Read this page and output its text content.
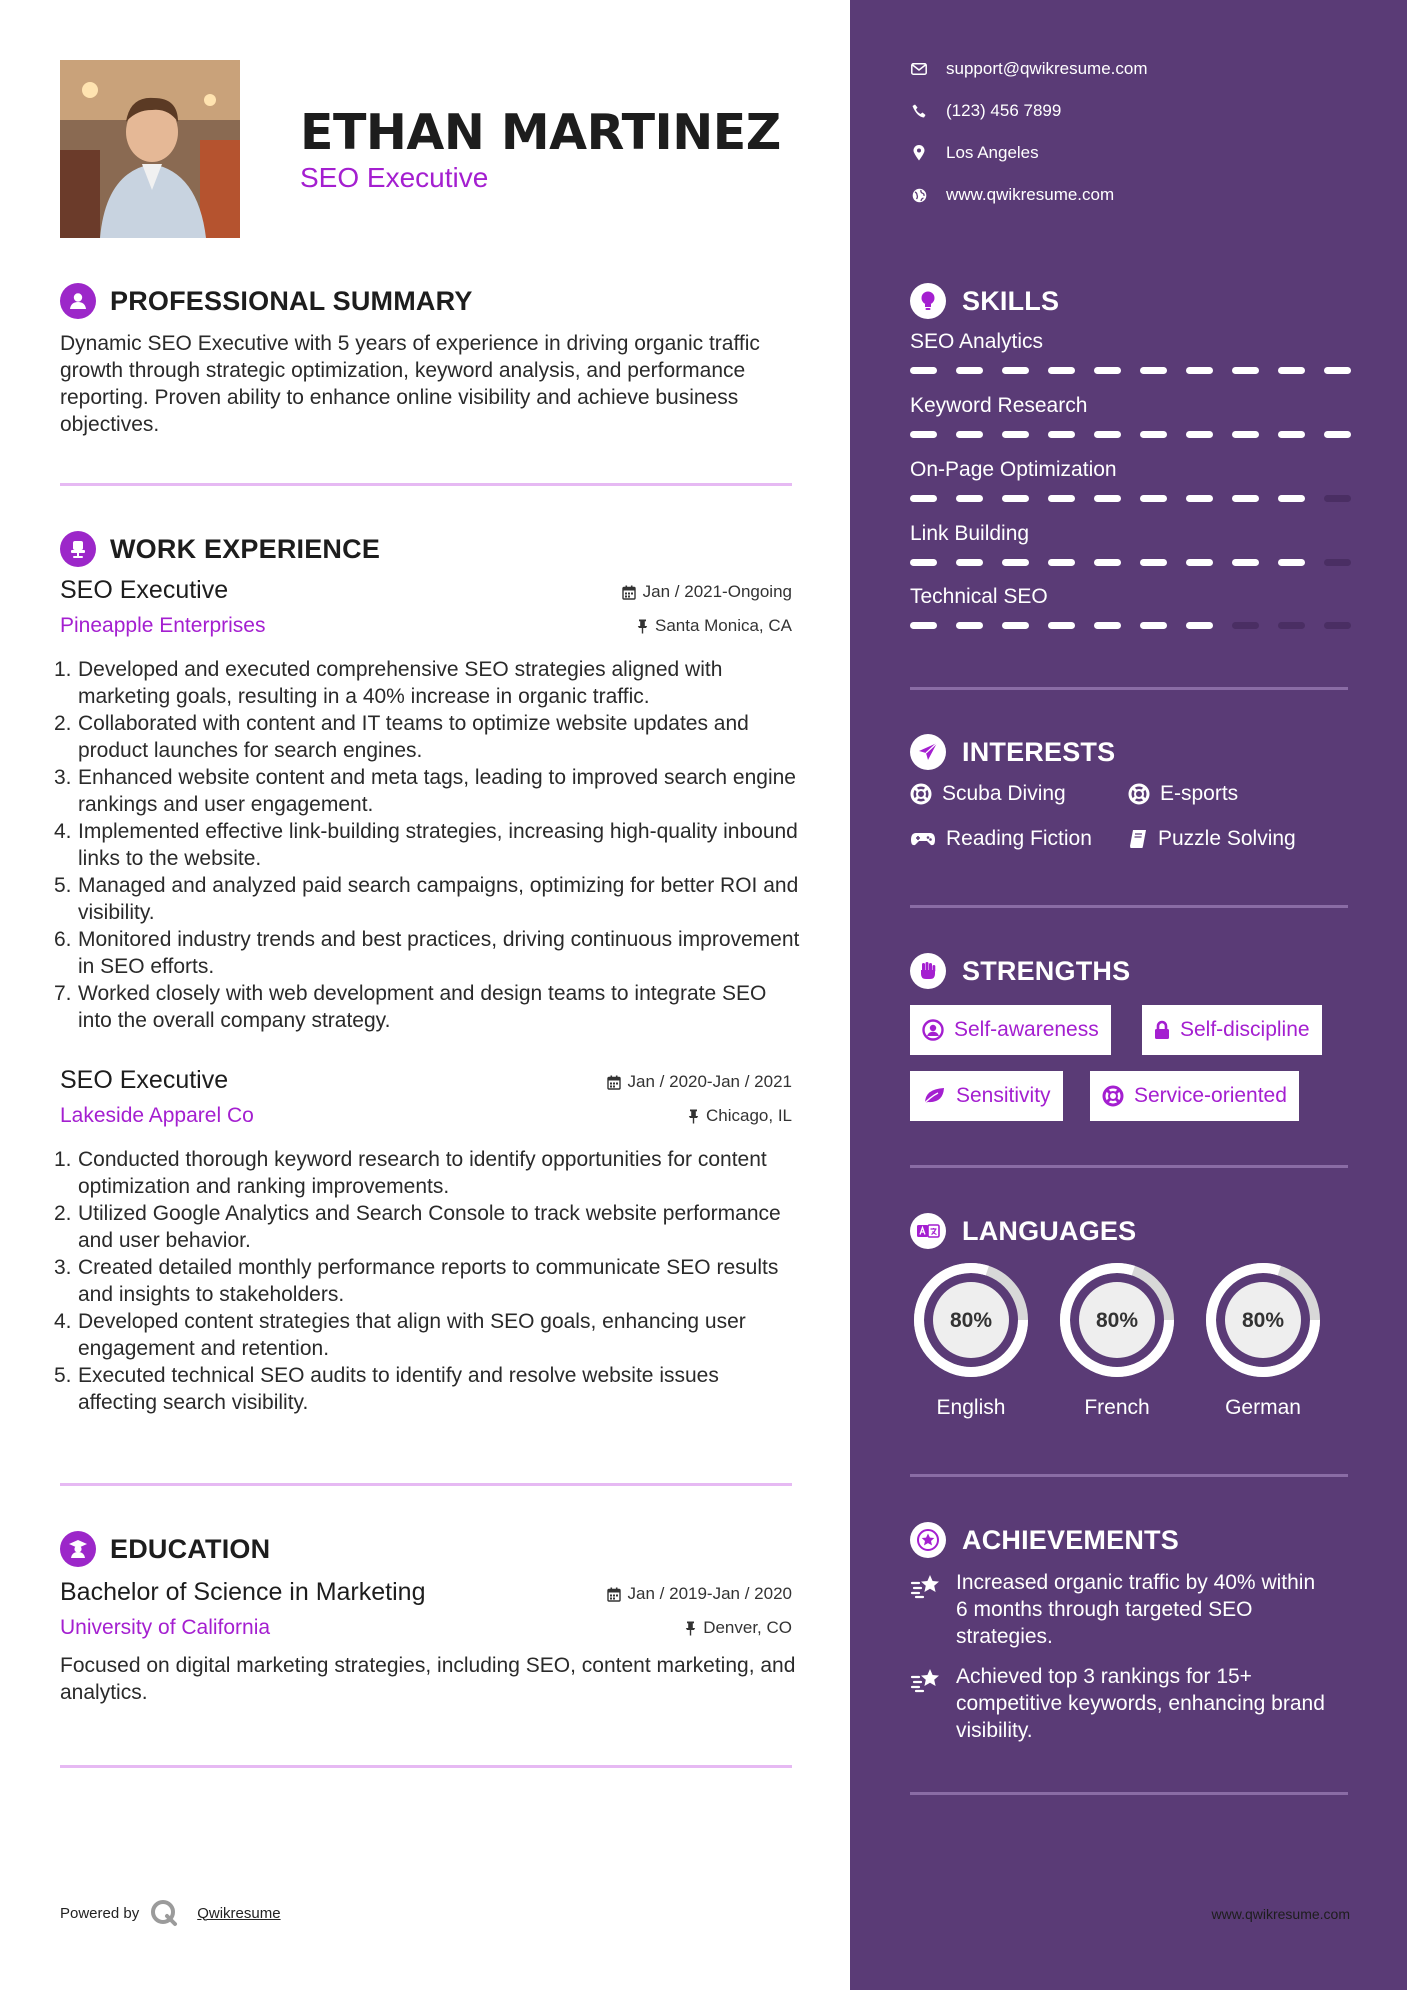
ETHAN MARTINEZ
SEO Executive
PROFESSIONAL SUMMARY
Dynamic SEO Executive with 5 years of experience in driving organic traffic growth through strategic optimization, keyword analysis, and performance reporting. Proven ability to enhance online visibility and achieve business objectives.
WORK EXPERIENCE
SEO Executive	Jan / 2021-Ongoing
Pineapple Enterprises	Santa Monica, CA
1. Developed and executed comprehensive SEO strategies aligned with marketing goals, resulting in a 40% increase in organic traffic.
2. Collaborated with content and IT teams to optimize website updates and product launches for search engines.
3. Enhanced website content and meta tags, leading to improved search engine rankings and user engagement.
4. Implemented effective link-building strategies, increasing high-quality inbound links to the website.
5. Managed and analyzed paid search campaigns, optimizing for better ROI and visibility.
6. Monitored industry trends and best practices, driving continuous improvement in SEO efforts.
7. Worked closely with web development and design teams to integrate SEO into the overall company strategy.
SEO Executive	Jan / 2020-Jan / 2021
Lakeside Apparel Co	Chicago, IL
1. Conducted thorough keyword research to identify opportunities for content optimization and ranking improvements.
2. Utilized Google Analytics and Search Console to track website performance and user behavior.
3. Created detailed monthly performance reports to communicate SEO results and insights to stakeholders.
4. Developed content strategies that align with SEO goals, enhancing user engagement and retention.
5. Executed technical SEO audits to identify and resolve website issues affecting search visibility.
EDUCATION
Bachelor of Science in Marketing	Jan / 2019-Jan / 2020
University of California	Denver, CO
Focused on digital marketing strategies, including SEO, content marketing, and analytics.
Powered by	Qwikresume
support@qwikresume.com
(123) 456 7899
Los Angeles
www.qwikresume.com
SKILLS
SEO Analytics
Keyword Research
On-Page Optimization
Link Building
Technical SEO
INTERESTS
Scuba Diving	E-sports
Reading Fiction	Puzzle Solving
STRENGTHS
Self-awareness	Self-discipline
Sensitivity	Service-oriented
LANGUAGES
80%
English
80%
French
80%
German
ACHIEVEMENTS
Increased organic traffic by 40% within 6 months through targeted SEO strategies.
Achieved top 3 rankings for 15+ competitive keywords, enhancing brand visibility.
www.qwikresume.com
